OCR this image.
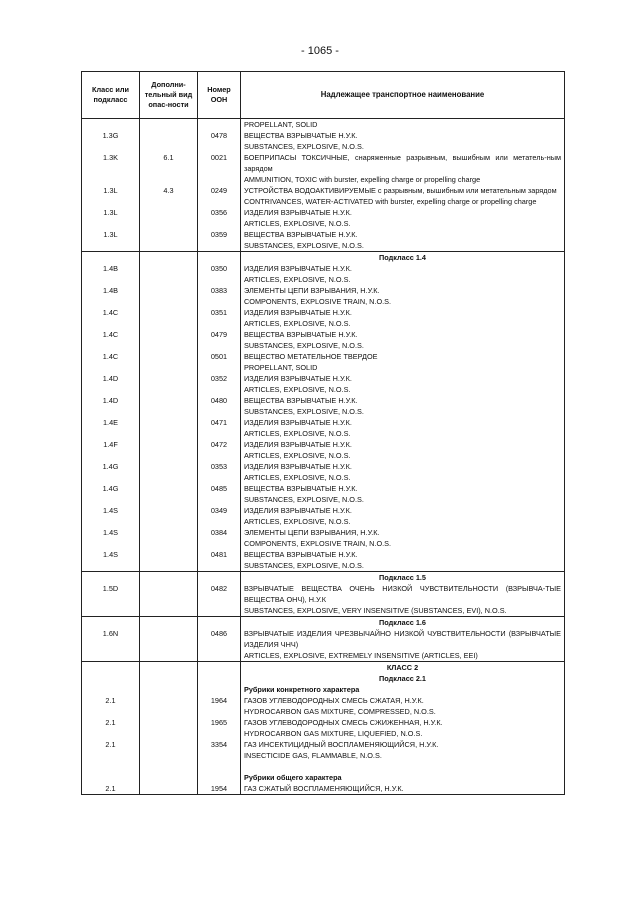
- 1065 -
Класс или подкласс	Дополни-тельный вид опас-ности	Номер ООН	Надлежащее транспортное наименование
			PROPELLANT, SOLID
1.3G		0478	ВЕЩЕСТВА ВЗРЫВЧАТЫЕ Н.У.К.
SUBSTANCES, EXPLOSIVE, N.O.S.

1.3K	6.1	0021	БОЕПРИПАСЫ ТОКСИЧНЫЕ, снаряженные разрывным, вышибным или метатель-ным зарядом
AMMUNITION, TOXIC with burster, expelling charge or propelling charge

1.3L	4.3	0249	УСТРОЙСТВА ВОДОАКТИВИРУЕМЫЕ с разрывным, вышибным или метательным зарядом
CONTRIVANCES, WATER-ACTIVATED with burster, expelling charge or propelling charge

1.3L		0356	ИЗДЕЛИЯ ВЗРЫВЧАТЫЕ Н.У.К.
ARTICLES, EXPLOSIVE, N.O.S.

1.3L		0359	ВЕЩЕСТВА ВЗРЫВЧАТЫЕ Н.У.К.
SUBSTANCES, EXPLOSIVE, N.O.S.

			Подкласс 1.4
1.4B		0350	ИЗДЕЛИЯ ВЗРЫВЧАТЫЕ Н.У.К.
ARTICLES, EXPLOSIVE, N.O.S.

1.4B		0383	ЭЛЕМЕНТЫ ЦЕПИ ВЗРЫВАНИЯ, Н.У.К.
COMPONENTS, EXPLOSIVE TRAIN, N.O.S.

1.4C		0351	ИЗДЕЛИЯ ВЗРЫВЧАТЫЕ Н.У.К.
ARTICLES, EXPLOSIVE, N.O.S.

1.4C		0479	ВЕЩЕСТВА ВЗРЫВЧАТЫЕ Н.У.К.
SUBSTANCES, EXPLOSIVE, N.O.S.

1.4C		0501	ВЕЩЕСТВО МЕТАТЕЛЬНОЕ ТВЕРДОЕ
PROPELLANT, SOLID

1.4D		0352	ИЗДЕЛИЯ ВЗРЫВЧАТЫЕ Н.У.К.
ARTICLES, EXPLOSIVE, N.O.S.

1.4D		0480	ВЕЩЕСТВА ВЗРЫВЧАТЫЕ Н.У.К.
SUBSTANCES, EXPLOSIVE, N.O.S.

1.4E		0471	ИЗДЕЛИЯ ВЗРЫВЧАТЫЕ Н.У.К.
ARTICLES, EXPLOSIVE, N.O.S.

1.4F		0472	ИЗДЕЛИЯ ВЗРЫВЧАТЫЕ Н.У.К.
ARTICLES, EXPLOSIVE, N.O.S.

1.4G		0353	ИЗДЕЛИЯ ВЗРЫВЧАТЫЕ Н.У.К.
ARTICLES, EXPLOSIVE, N.O.S.

1.4G		0485	ВЕЩЕСТВА ВЗРЫВЧАТЫЕ Н.У.К.
SUBSTANCES, EXPLOSIVE, N.O.S.

1.4S		0349	ИЗДЕЛИЯ ВЗРЫВЧАТЫЕ Н.У.К.
ARTICLES, EXPLOSIVE, N.O.S.

1.4S		0384	ЭЛЕМЕНТЫ ЦЕПИ ВЗРЫВАНИЯ, Н.У.К.
COMPONENTS, EXPLOSIVE TRAIN, N.O.S.

1.4S		0481	ВЕЩЕСТВА ВЗРЫВЧАТЫЕ Н.У.К.
SUBSTANCES, EXPLOSIVE, N.O.S.

			Подкласс 1.5
1.5D		0482	ВЗРЫВЧАТЫЕ ВЕЩЕСТВА ОЧЕНЬ НИЗКОЙ ЧУВСТВИТЕЛЬНОСТИ (ВЗРЫВЧА-ТЫЕ ВЕЩЕСТВА ОНЧ), Н.У.К
SUBSTANCES, EXPLOSIVE, VERY INSENSITIVE (SUBSTANCES, EVI), N.O.S.

			Подкласс 1.6
1.6N		0486	ВЗРЫВЧАТЫЕ ИЗДЕЛИЯ ЧРЕЗВЫЧАЙНО НИЗКОЙ ЧУВСТВИТЕЛЬНОСТИ (ВЗРЫВЧАТЫЕ ИЗДЕЛИЯ ЧНЧ)
ARTICLES, EXPLOSIVE, EXTREMELY INSENSITIVE (ARTICLES, EEI)

			КЛАСС 2
			Подкласс 2.1
			Рубрики конкретного характера
2.1		1964	ГАЗОВ УГЛЕВОДОРОДНЫХ СМЕСЬ СЖАТАЯ, Н.У.К.
HYDROCARBON GAS MIXTURE, COMPRESSED, N.O.S.

2.1		1965	ГАЗОВ УГЛЕВОДОРОДНЫХ СМЕСЬ СЖИЖЕННАЯ, Н.У.К.
HYDROCARBON GAS MIXTURE, LIQUEFIED, N.O.S.

2.1		3354	ГАЗ ИНСЕКТИЦИДНЫЙ ВОСПЛАМЕНЯЮЩИЙСЯ, Н.У.К.
INSECTICIDE GAS, FLAMMABLE, N.O.S.

			Рубрики общего характера
2.1		1954	ГАЗ СЖАТЫЙ ВОСПЛАМЕНЯЮЩИЙСЯ, Н.У.К.
